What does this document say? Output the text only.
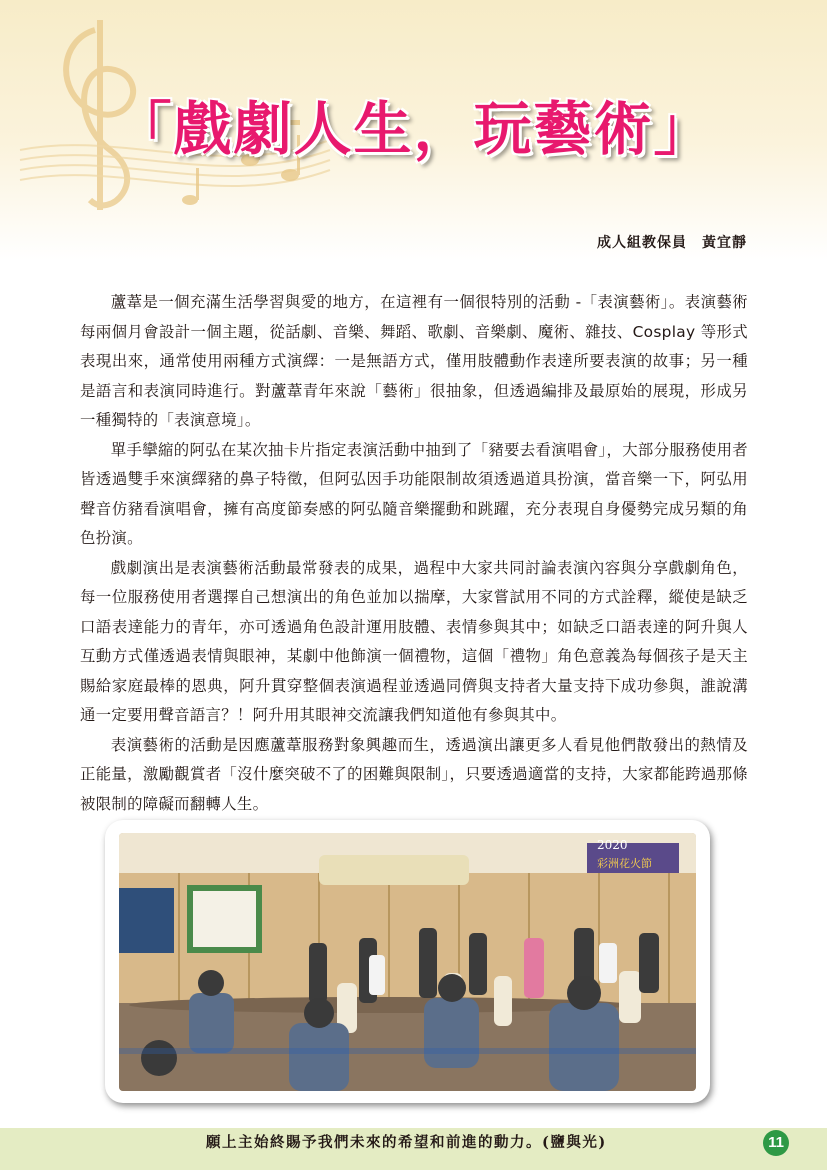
「戲劇人生，玩藝術」
成人組教保員　黃宜靜

蘆葦是一個充滿生活學習與愛的地方，在這裡有一個很特別的活動 -「表演藝術」。表演藝術每兩個月會設計一個主題，從話劇、音樂、舞蹈、歌劇、音樂劇、魔術、雜技、Cosplay 等形式表現出來，通常使用兩種方式演繹：一是無語方式，僅用肢體動作表達所要表演的故事；另一種是語言和表演同時進行。對蘆葦青年來說「藝術」很抽象，但透過編排及最原始的展現，形成另一種獨特的「表演意境」。

單手攣縮的阿弘在某次抽卡片指定表演活動中抽到了「豬要去看演唱會」，大部分服務使用者皆透過雙手來演繹豬的鼻子特徵，但阿弘因手功能限制故須透過道具扮演，當音樂一下，阿弘用聲音仿豬看演唱會，擁有高度節奏感的阿弘隨音樂擺動和跳躍，充分表現自身優勢完成另類的角色扮演。

戲劇演出是表演藝術活動最常發表的成果，過程中大家共同討論表演內容與分享戲劇角色，每一位服務使用者選擇自己想演出的角色並加以揣摩，大家嘗試用不同的方式詮釋，縱使是缺乏口語表達能力的青年，亦可透過角色設計運用肢體、表情參與其中；如缺乏口語表達的阿升與人互動方式僅透過表情與眼神，某劇中他飾演一個禮物，這個「禮物」角色意義為每個孩子是天主賜給家庭最棒的恩典，阿升貫穿整個表演過程並透過同儕與支持者大量支持下成功參與，誰說溝通一定要用聲音語言？！阿升用其眼神交流讓我們知道他有參與其中。

表演藝術的活動是因應蘆葦服務對象興趣而生，透過演出讓更多人看見他們散發出的熱情及正能量，激勵觀賞者「沒什麼突破不了的困難與限制」，只要透過適當的支持，大家都能跨過那條被限制的障礙而翻轉人生。

2020
彩洲花火節
願上主始終賜予我們未來的希望和前進的動力。(鹽與光)	11
